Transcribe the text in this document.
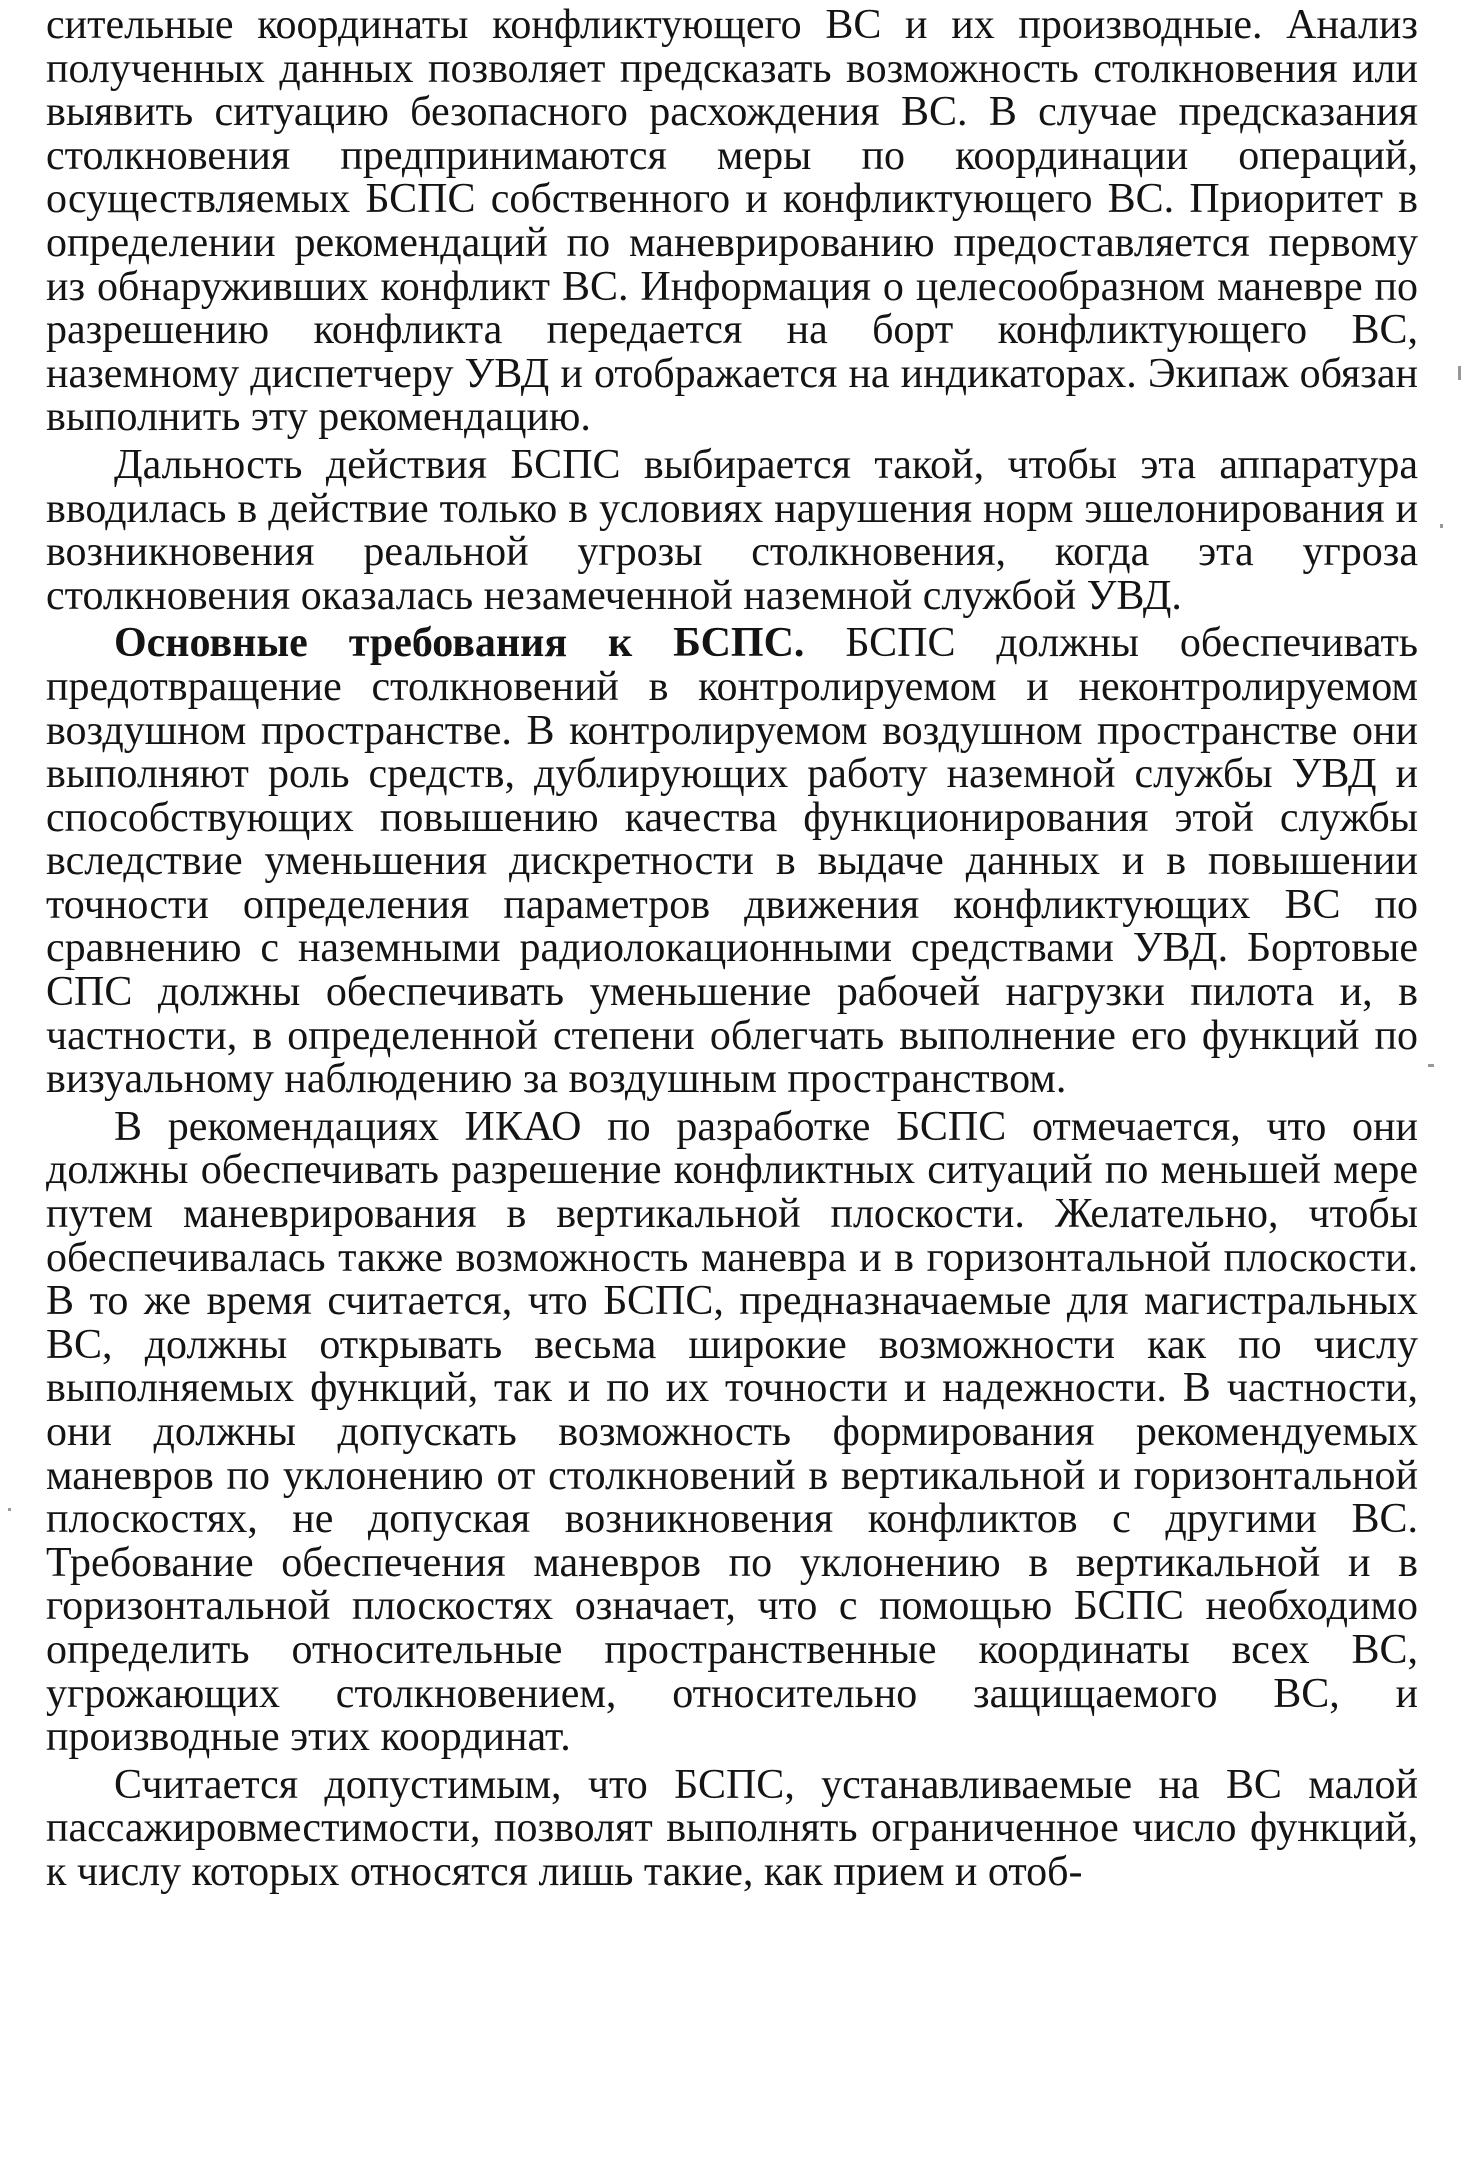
сительные координаты конфликтующего ВС и их производные. Анализ полученных данных позволяет предсказать возможность столкновения или выявить ситуацию безопасного расхождения ВС. В случае предсказания столкновения предпринимаются меры по координации операций, осуществляемых БСПС собственного и конфликтующего ВС. Приоритет в определении рекомендаций по маневрированию предоставляется первому из обнаруживших конфликт ВС. Информация о целесообразном маневре по разрешению конфликта передается на борт конфликтующего ВС, наземному диспетчеру УВД и отображается на индикаторах. Экипаж обязан выполнить эту рекомендацию.

Дальность действия БСПС выбирается такой, чтобы эта аппаратура вводилась в действие только в условиях нарушения норм эшелонирования и возникновения реальной угрозы столкновения, когда эта угроза столкновения оказалась незамеченной наземной службой УВД.

Основные требования к БСПС. БСПС должны обеспечивать предотвращение столкновений в контролируемом и неконтролируемом воздушном пространстве. В контролируемом воздушном пространстве они выполняют роль средств, дублирующих работу наземной службы УВД и способствующих повышению качества функционирования этой службы вследствие уменьшения дискретности в выдаче данных и в повышении точности определения параметров движения конфликтующих ВС по сравнению с наземными радиолокационными средствами УВД. Бортовые СПС должны обеспечивать уменьшение рабочей нагрузки пилота и, в частности, в определенной степени облегчать выполнение его функций по визуальному наблюдению за воздушным пространством.

В рекомендациях ИКАО по разработке БСПС отмечается, что они должны обеспечивать разрешение конфликтных ситуаций по меньшей мере путем маневрирования в вертикальной плоскости. Желательно, чтобы обеспечивалась также возможность маневра и в горизонтальной плоскости. В то же время считается, что БСПС, предназначаемые для магистральных ВС, должны открывать весьма широкие возможности как по числу выполняемых функций, так и по их точности и надежности. В частности, они должны допускать возможность формирования рекомендуемых маневров по уклонению от столкновений в вертикальной и горизонтальной плоскостях, не допуская возникновения конфликтов с другими ВС. Требование обеспечения маневров по уклонению в вертикальной и в горизонтальной плоскостях означает, что с помощью БСПС необходимо определить относительные пространственные координаты всех ВС, угрожающих столкновением, относительно защищаемого ВС, и производные этих координат.

Считается допустимым, что БСПС, устанавливаемые на ВС малой пассажировместимости, позволят выполнять ограниченное число функций, к числу которых относятся лишь такие, как прием и отоб-
